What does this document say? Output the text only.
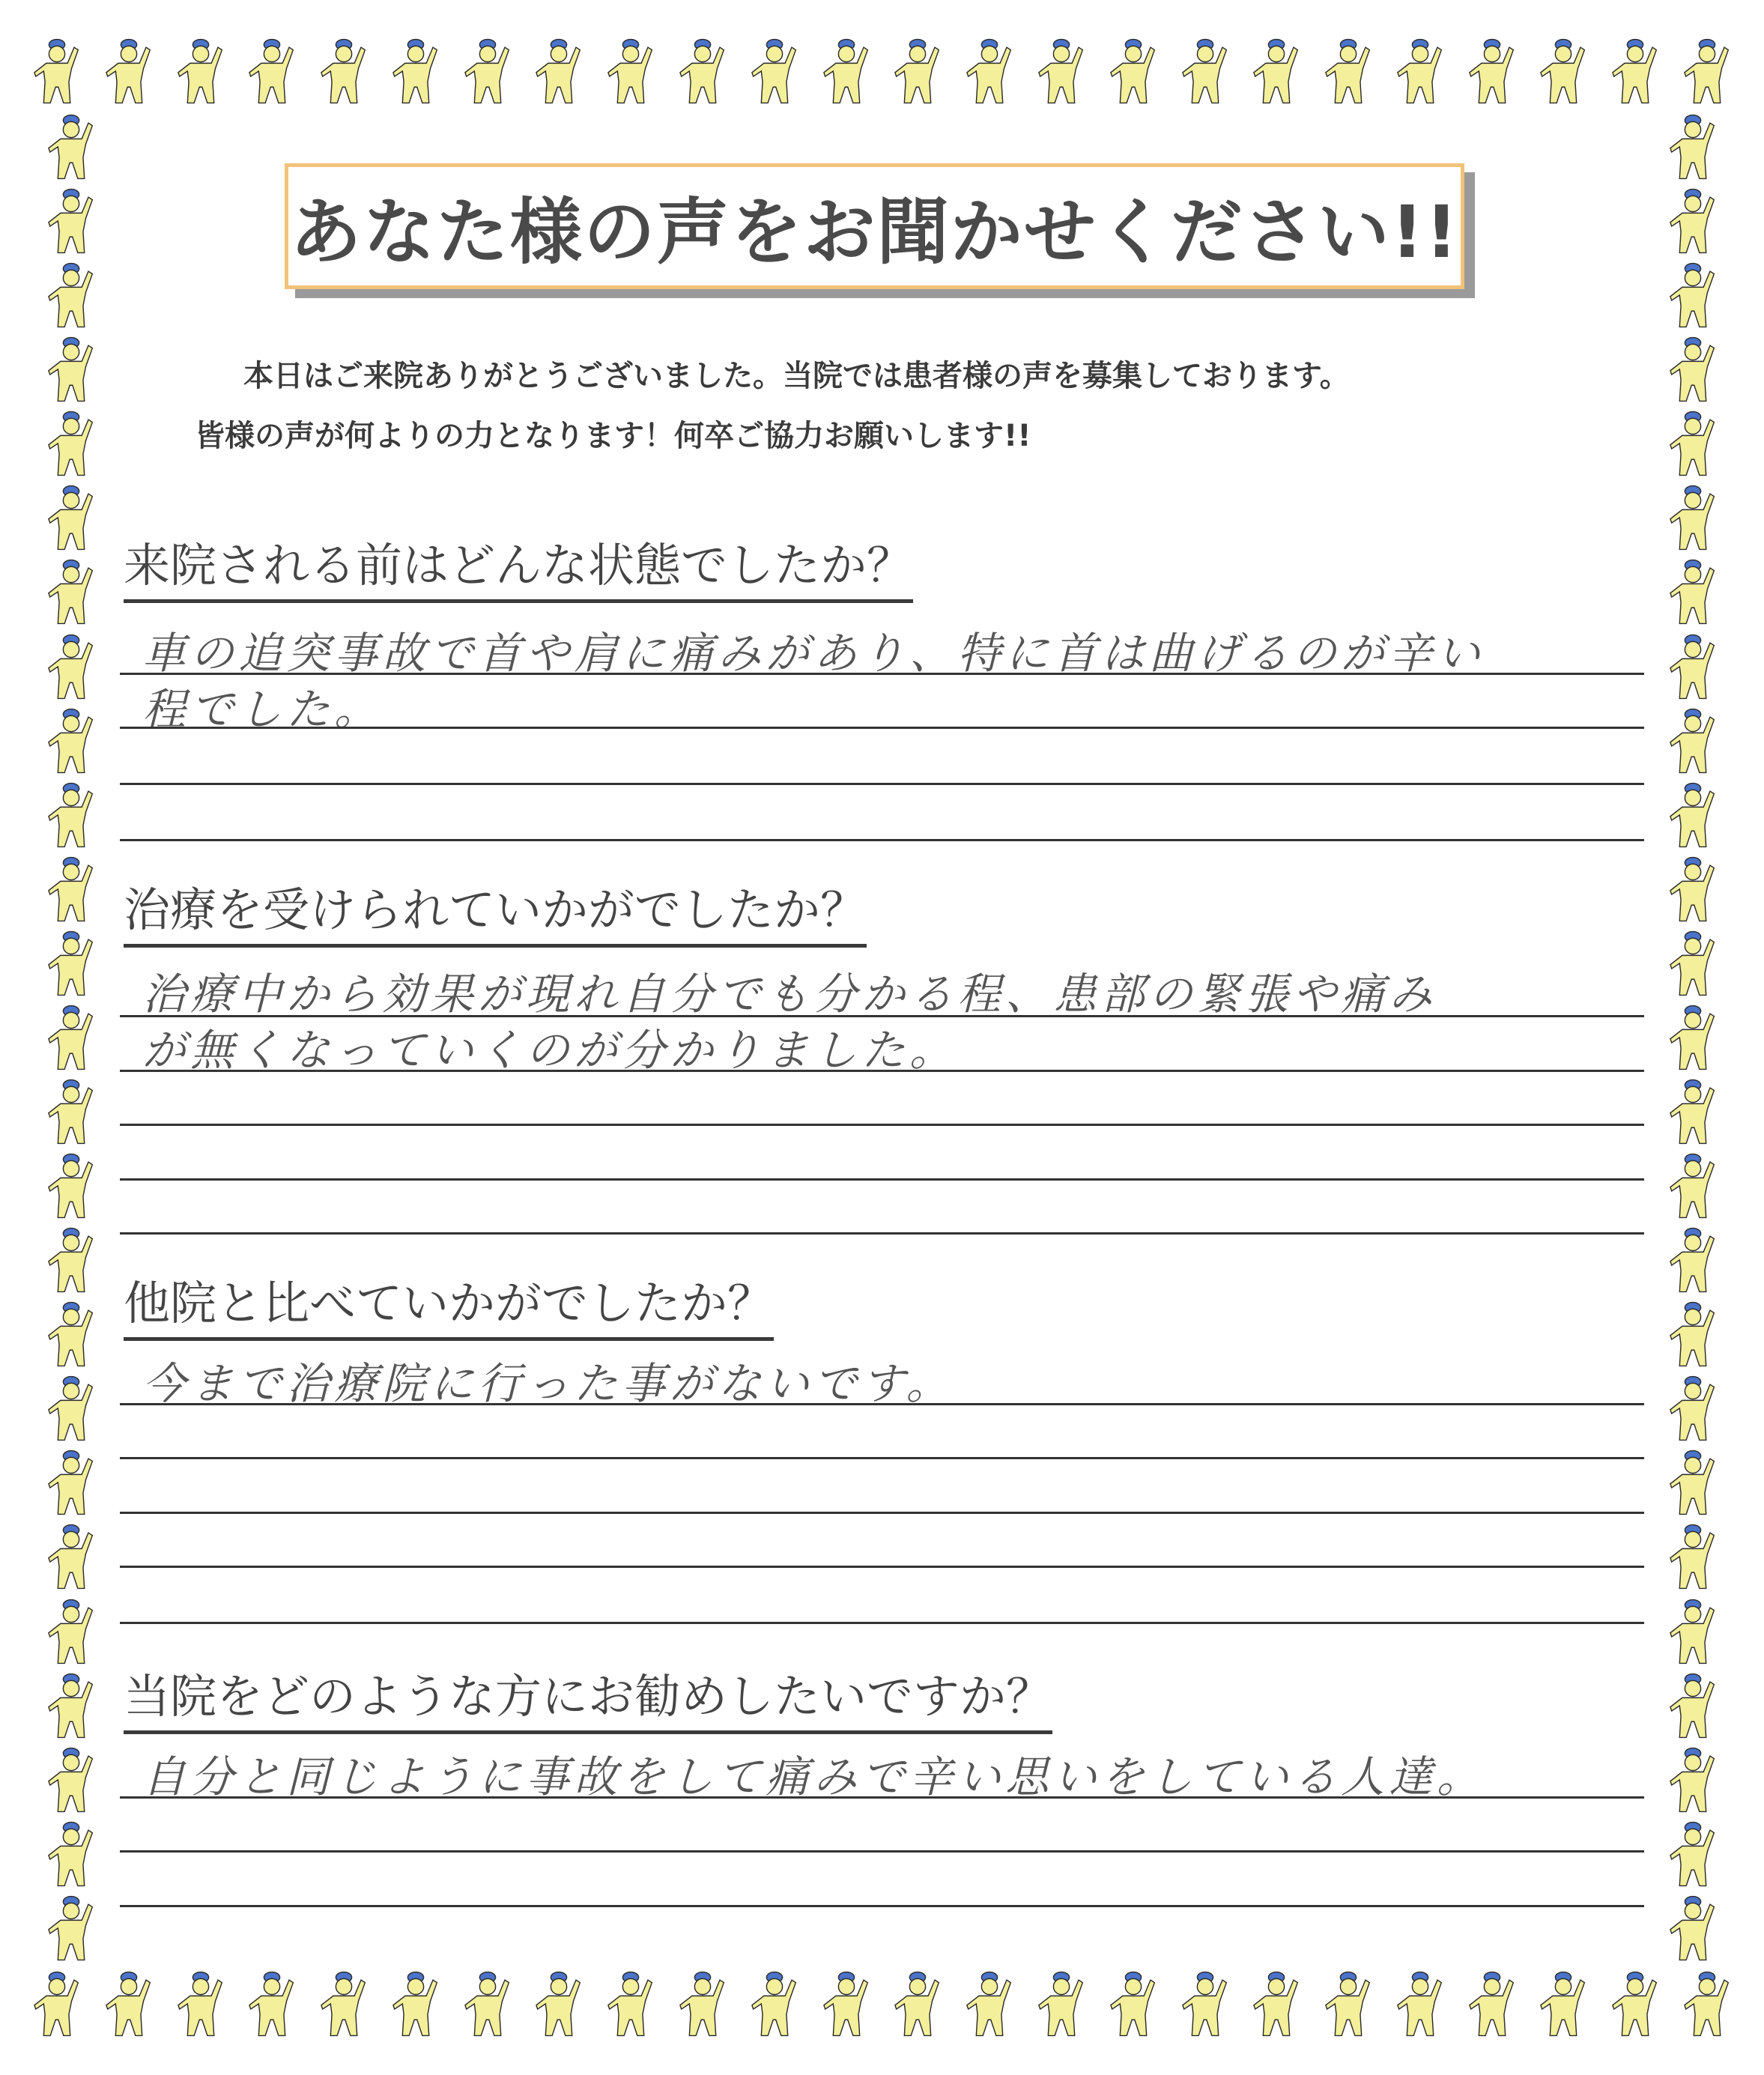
あなた様の声をお聞かせください!!
本日はご来院ありがとうございました。当院では患者様の声を募集しております。
皆様の声が何よりの力となります！何卒ご協力お願いします!!
来院される前はどんな状態でしたか？
車の追突事故で首や肩に痛みがあり、特に首は曲げるのが辛い
程でした。
治療を受けられていかがでしたか？
治療中から効果が現れ自分でも分かる程、患部の緊張や痛み
が無くなっていくのが分かりました。
他院と比べていかがでしたか？
今まで治療院に行った事がないです。
当院をどのような方にお勧めしたいですか？
自分と同じように事故をして痛みで辛い思いをしている人達。
